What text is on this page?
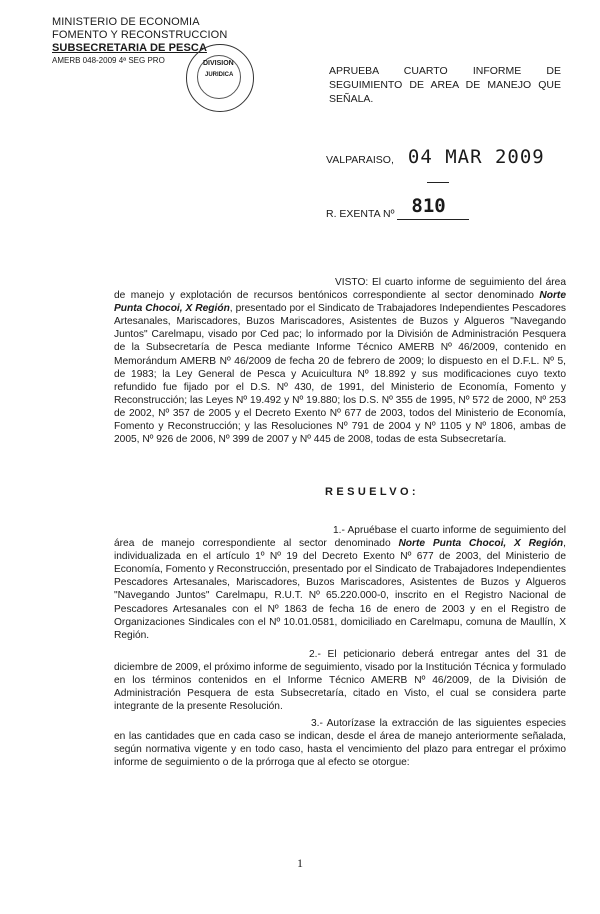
MINISTERIO DE ECONOMIA
FOMENTO Y RECONSTRUCCION
SUBSECRETARIA DE PESCA
AMERB 048-2009 4ª SEG PRO	DIVISION
JURIDICA	APRUEBA CUARTO INFORME DE
SEGUIMIENTO DE AREA DE MANEJO QUE
SEÑALA.
VALPARAISO, 04 MAR 2009
R. EXENTA Nº 810
VISTO: El cuarto informe de seguimiento del área de manejo y explotación de recursos bentónicos correspondiente al sector denominado Norte Punta Chocoi, X Región, presentado por el Sindicato de Trabajadores Independientes Pescadores Artesanales, Mariscadores, Buzos Mariscadores, Asistentes de Buzos y Algueros "Navegando Juntos" Carelmapu, visado por Ced pac; lo informado por la División de Administración Pesquera de la Subsecretaría de Pesca mediante Informe Técnico AMERB Nº 46/2009, contenido en Memorándum AMERB Nº 46/2009 de fecha 20 de febrero de 2009; lo dispuesto en el D.F.L. Nº 5, de 1983; la Ley General de Pesca y Acuicultura Nº 18.892 y sus modificaciones cuyo texto refundido fue fijado por el D.S. Nº 430, de 1991, del Ministerio de Economía, Fomento y Reconstrucción; las Leyes Nº 19.492 y Nº 19.880; los D.S. Nº 355 de 1995, Nº 572 de 2000, Nº 253 de 2002, Nº 357 de 2005 y el Decreto Exento Nº 677 de 2003, todos del Ministerio de Economía, Fomento y Reconstrucción; y las Resoluciones Nº 791 de 2004 y Nº 1105 y Nº 1806, ambas de 2005, Nº 926 de 2006, Nº 399 de 2007 y Nº 445 de 2008, todas de esta Subsecretaría.
RESUELVO:
1.- Apruébase el cuarto informe de seguimiento del área de manejo correspondiente al sector denominado Norte Punta Chocoi, X Región, individualizada en el artículo 1º Nº 19 del Decreto Exento Nº 677 de 2003, del Ministerio de Economía, Fomento y Reconstrucción, presentado por el Sindicato de Trabajadores Independientes Pescadores Artesanales, Mariscadores, Buzos Mariscadores, Asistentes de Buzos y Algueros "Navegando Juntos" Carelmapu, R.U.T. Nº 65.220.000-0, inscrito en el Registro Nacional de Pescadores Artesanales con el Nº 1863 de fecha 16 de enero de 2003 y en el Registro de Organizaciones Sindicales con el Nº 10.01.0581, domiciliado en Carelmapu, comuna de Maullín, X Región.
2.- El peticionario deberá entregar antes del 31 de diciembre de 2009, el próximo informe de seguimiento, visado por la Institución Técnica y formulado en los términos contenidos en el Informe Técnico AMERB Nº 46/2009, de la División de Administración Pesquera de esta Subsecretaría, citado en Visto, el cual se considera parte integrante de la presente Resolución.
3.- Autorízase la extracción de las siguientes especies en las cantidades que en cada caso se indican, desde el área de manejo anteriormente señalada, según normativa vigente y en todo caso, hasta el vencimiento del plazo para entregar el próximo informe de seguimiento o de la prórroga que al efecto se otorgue:
1
